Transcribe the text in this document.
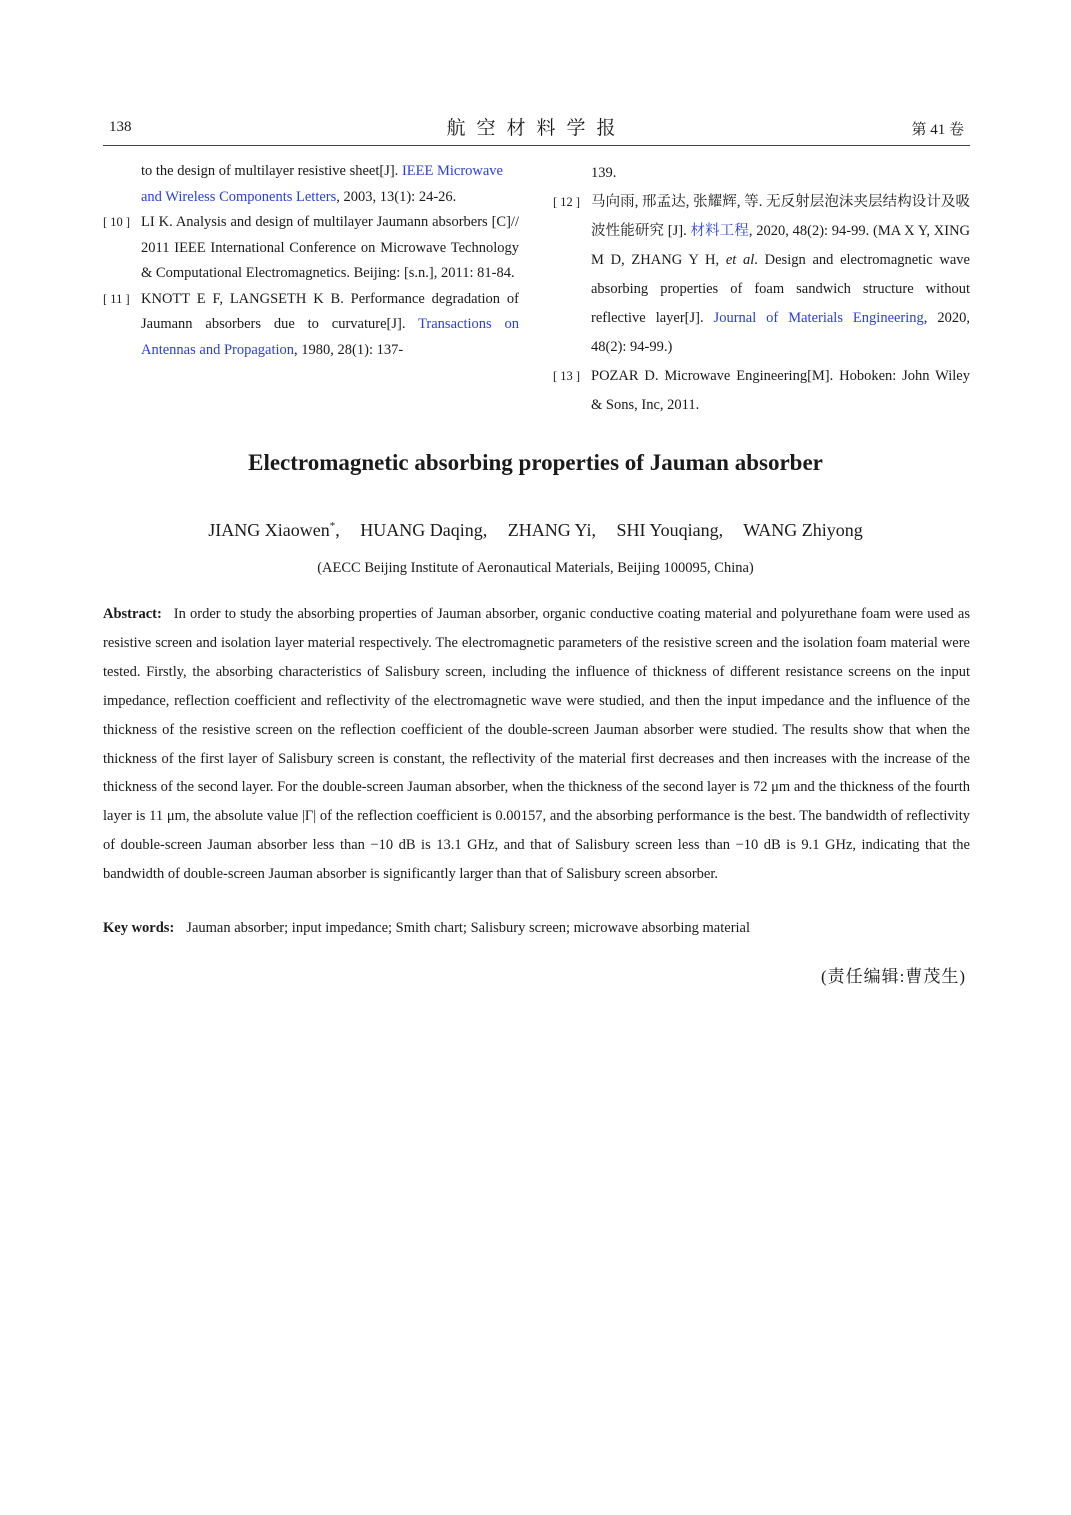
138	航空材料学报	第 41 卷
to the design of multilayer resistive sheet[J]. IEEE Microwave and Wireless Components Letters, 2003, 13(1): 24-26.
[ 10 ] LI K. Analysis and design of multilayer Jaumann absorbers [C]// 2011 IEEE International Conference on Microwave Technology & Computational Electromagnetics. Beijing: [s.n.], 2011: 81-84.
[ 11 ] KNOTT E F, LANGSETH K B. Performance degradation of Jaumann absorbers due to curvature[J]. Transactions on Antennas and Propagation, 1980, 28(1): 137-
139.
[ 12 ] 马向雨, 邢孟达, 张耀辉, 等. 无反射层泡沫夹层结构设计及吸波性能研究 [J]. 材料工程, 2020, 48(2): 94-99. (MA X Y, XING M D, ZHANG Y H, et al. Design and electromagnetic wave absorbing properties of foam sandwich structure without reflective layer[J]. Journal of Materials Engineering, 2020, 48(2): 94-99.)
[ 13 ] POZAR D. Microwave Engineering[M]. Hoboken: John Wiley & Sons, Inc, 2011.
Electromagnetic absorbing properties of Jauman absorber
JIANG Xiaowen*, HUANG Daqing, ZHANG Yi, SHI Youqiang, WANG Zhiyong
(AECC Beijing Institute of Aeronautical Materials, Beijing 100095, China)
Abstract: In order to study the absorbing properties of Jauman absorber, organic conductive coating material and polyurethane foam were used as resistive screen and isolation layer material respectively. The electromagnetic parameters of the resistive screen and the isolation foam material were tested. Firstly, the absorbing characteristics of Salisbury screen, including the influence of thickness of different resistance screens on the input impedance, reflection coefficient and reflectivity of the electromagnetic wave were studied, and then the input impedance and the influence of the thickness of the resistive screen on the reflection coefficient of the double-screen Jauman absorber were studied. The results show that when the thickness of the first layer of Salisbury screen is constant, the reflectivity of the material first decreases and then increases with the increase of the thickness of the second layer. For the double-screen Jauman absorber, when the thickness of the second layer is 72 μm and the thickness of the fourth layer is 11 μm, the absolute value |Γ| of the reflection coefficient is 0.00157, and the absorbing performance is the best. The bandwidth of reflectivity of double-screen Jauman absorber less than −10 dB is 13.1 GHz, and that of Salisbury screen less than −10 dB is 9.1 GHz, indicating that the bandwidth of double-screen Jauman absorber is significantly larger than that of Salisbury screen absorber.
Key words: Jauman absorber; input impedance; Smith chart; Salisbury screen; microwave absorbing material
(责任编辑:曹茂生)
